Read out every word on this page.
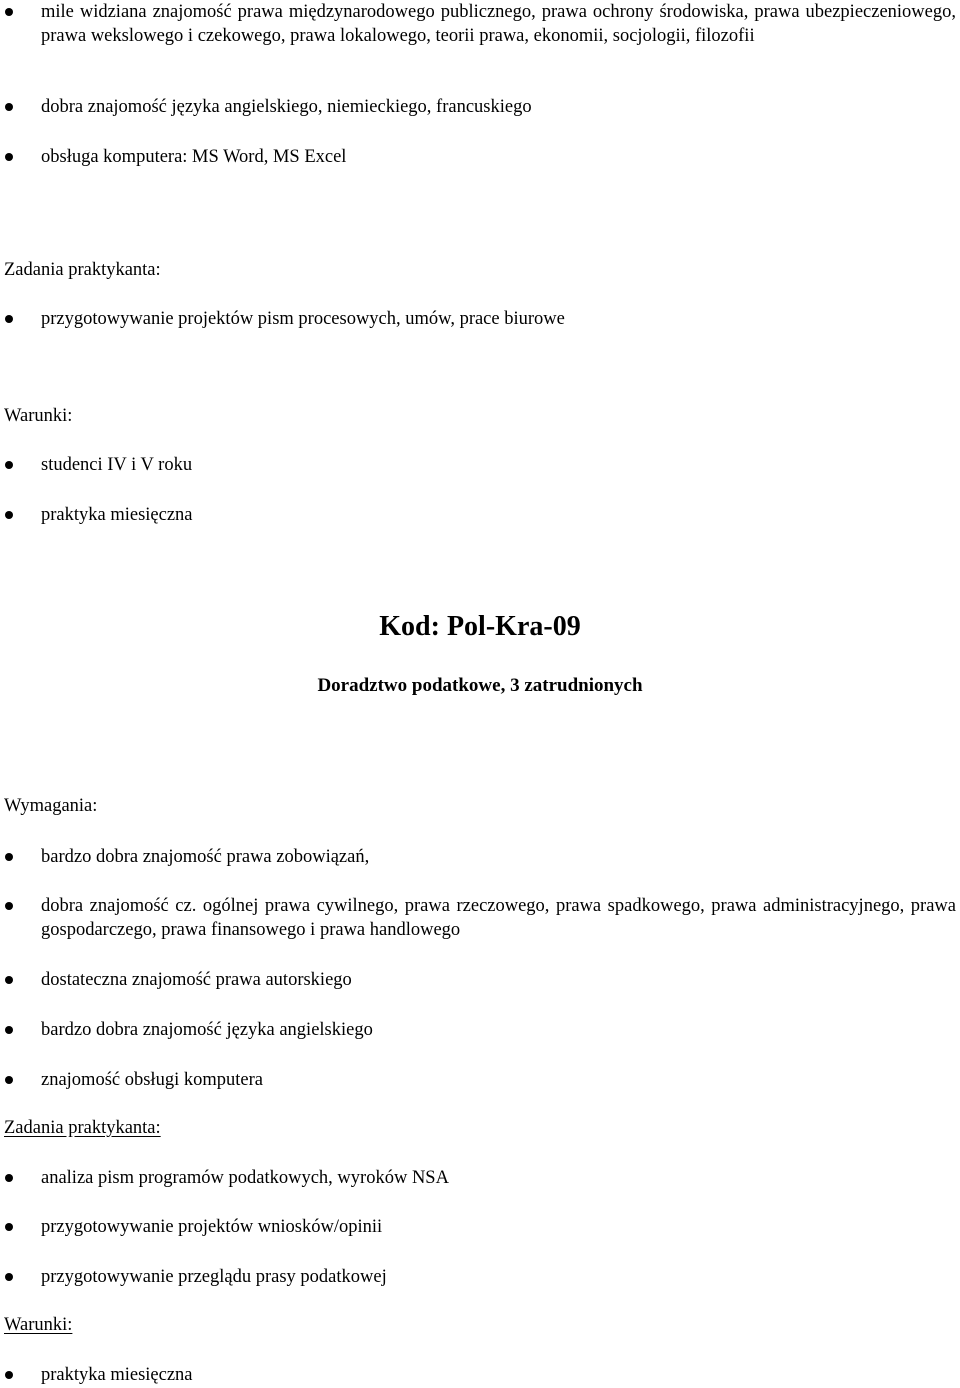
mile widziana znajomość prawa międzynarodowego publicznego, prawa ochrony środowiska, prawa ubezpieczeniowego, prawa wekslowego i czekowego, prawa lokalowego, teorii prawa, ekonomii, socjologii, filozofii
dobra znajomość języka angielskiego, niemieckiego, francuskiego
obsługa komputera: MS Word, MS Excel
Zadania praktykanta:
przygotowywanie projektów pism procesowych, umów, prace biurowe
Warunki:
studenci IV i V roku
praktyka miesięczna
Kod: Pol-Kra-09
Doradztwo podatkowe, 3 zatrudnionych
Wymagania:
bardzo dobra znajomość prawa zobowiązań,
dobra znajomość cz. ogólnej prawa cywilnego, prawa rzeczowego, prawa spadkowego, prawa administracyjnego, prawa gospodarczego, prawa finansowego i prawa handlowego
dostateczna znajomość prawa autorskiego
bardzo dobra znajomość języka angielskiego
znajomość obsługi komputera
Zadania praktykanta:
analiza pism programów podatkowych, wyroków NSA
przygotowywanie projektów wniosków/opinii
przygotowywanie przeglądu prasy podatkowej
Warunki:
praktyka miesięczna
